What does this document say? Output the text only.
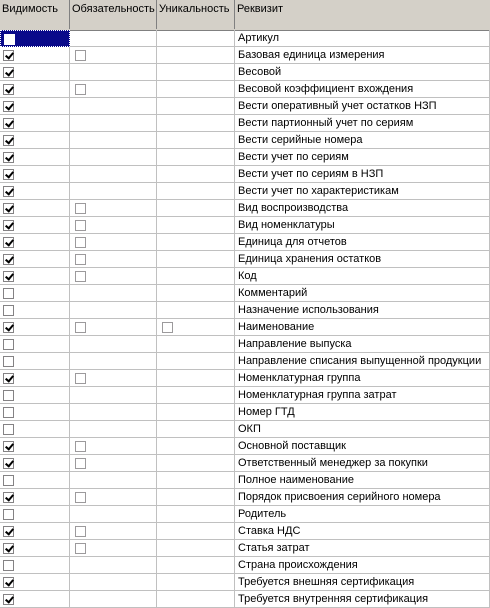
Видимость	Обязательность Уникальность Реквизит
Артикул
Базовая единица измерения
Весовой
Весовой коэффициент вхождения
Вести оперативный учет остатков НЗП
Вести партионный учет по сериям
Вести серийные номера
Вести учет по сериям
Вести учет по сериям в НЗП
Вести учет по характеристикам
Вид воспроизводства
Вид номенклатуры
Единица для отчетов
Единица хранения остатков
Код
Комментарий
Назначение использования
Наименование
Направление выпуска
Направление списания выпущенной продукции
Номенклатурная группа
Номенклатурная группа затрат
Номер ГТД
ОКП
Основной поставщик
Ответственный менеджер за покупки
Полное наименование
Порядок присвоения серийного номера
Родитель
Ставка НДС
Статья затрат
Страна происхождения
Требуется внешняя сертификация
Требуется внутренняя сертификация
